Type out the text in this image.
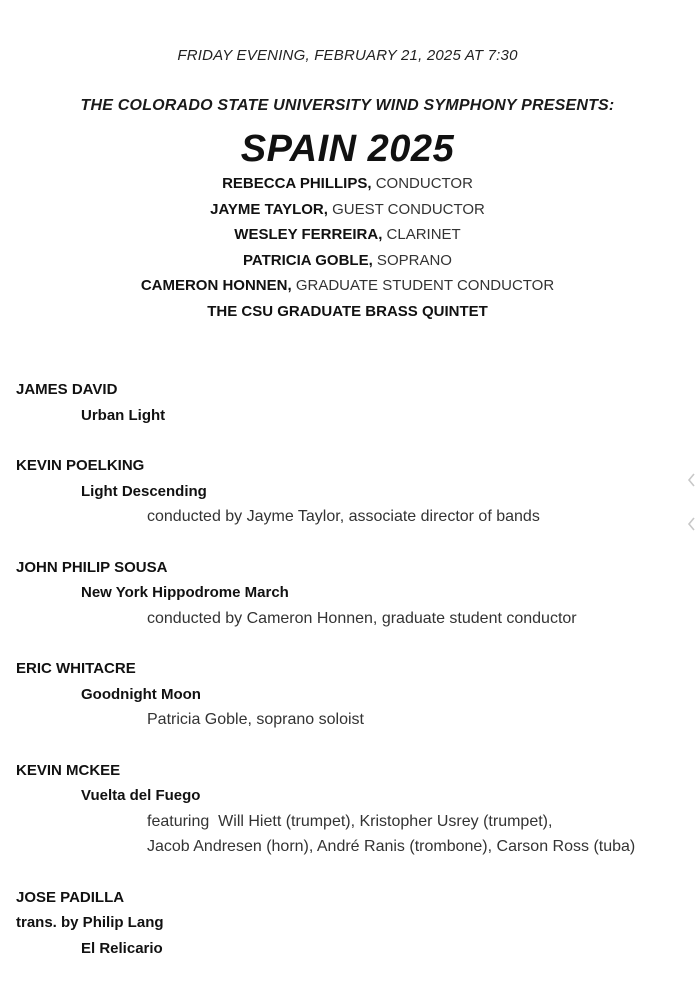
FRIDAY EVENING, FEBRUARY 21, 2025 AT 7:30
THE COLORADO STATE UNIVERSITY WIND SYMPHONY PRESENTS:
SPAIN 2025
REBECCA PHILLIPS, CONDUCTOR
JAYME TAYLOR, GUEST CONDUCTOR
WESLEY FERREIRA, CLARINET
PATRICIA GOBLE, SOPRANO
CAMERON HONNEN, GRADUATE STUDENT CONDUCTOR
THE CSU GRADUATE BRASS QUINTET
JAMES DAVID
Urban Light
KEVIN POELKING
Light Descending
conducted by Jayme Taylor, associate director of bands
JOHN PHILIP SOUSA
New York Hippodrome March
conducted by Cameron Honnen, graduate student conductor
ERIC WHITACRE
Goodnight Moon
Patricia Goble, soprano soloist
KEVIN MCKEE
Vuelta del Fuego
featuring  Will Hiett (trumpet), Kristopher Usrey (trumpet),
Jacob Andresen (horn), André Ranis (trombone), Carson Ross (tuba)
JOSE PADILLA
trans. by Philip Lang
El Relicario
